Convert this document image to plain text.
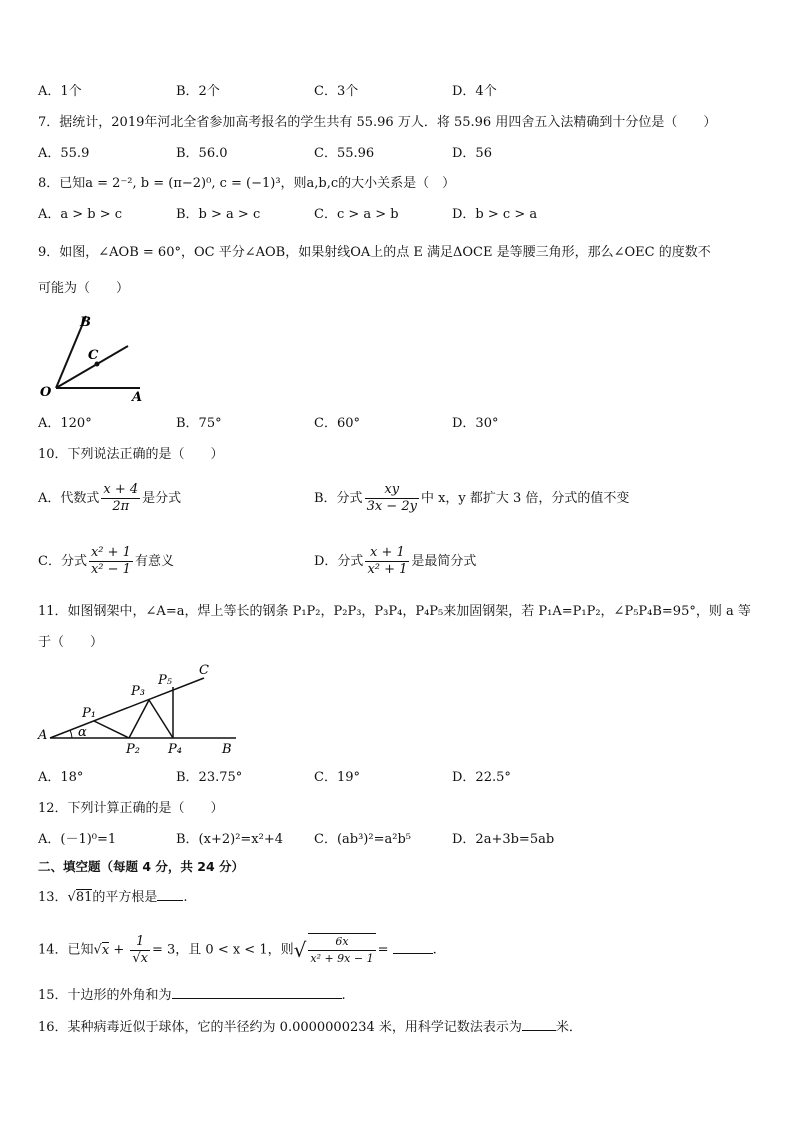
A．1个	B．2个	C．3个	D．4个
7．据统计，2019年河北全省参加高考报名的学生共有 55.96 万人．将 55.96 用四舍五入法精确到十分位是（　　）
A．55.9	B．56.0	C．55.96	D．56
8．已知a = 2⁻², b = (π−2)⁰, c = (−1)³，则a,b,c的大小关系是（　）
A．a > b > c	B．b > a > c	C．c > a > b	D．b > c > a
9．如图，∠AOB = 60°，OC 平分∠AOB，如果射线OA上的点 E 满足ΔOCE 是等腰三角形，那么∠OEC 的度数不
可能为（　　）
B
C
O	A
A．120°	B．75°	C．60°	D．30°
10．下列说法正确的是（　　）
A．代数式 $\frac{x + 4}{2\pi}$ 是分式	B．分式 $\frac{xy}{3x - 2y}$ 中 x，y 都扩大 3 倍，分式的值不变
C．分式 $\frac{\text{x² + 1}}{\text{x² − 1}}$ 有意义	D．分式 $\frac{x + 1}{\text{x² + 1}}$ 是最简分式
11．如图钢架中，∠A=a，焊上等长的钢条 P₁P₂，P₂P₃，P₃P₄，P₄P₅来加固钢架，若 P₁A=P₁P₂，∠P₅P₄B=95°，则 a 等
于（　　）
A
B
C
α
P₁
P₂
P₃
P₄
P₅
A．18°	B．23.75°	C．19°	D．22.5°
12．下列计算正确的是（　　）
A．(－1)⁰=1	B．(x+2)²=x²+4 C．(ab³)²=a²b⁵	D．2a+3b=5ab
二、填空题（每题 4 分，共 24 分）
13．√81的平方根是 .
14．已知$√x + \frac{1}{√x} = 3$，且 0 < x < 1，则√ $\frac{6x}{\text{x² + 9x − 1}}$ =	.
15．十边形的外角和为	.
16．某种病毒近似于球体，它的半径约为 0.0000000234 米，用科学记数法表示为	米．
